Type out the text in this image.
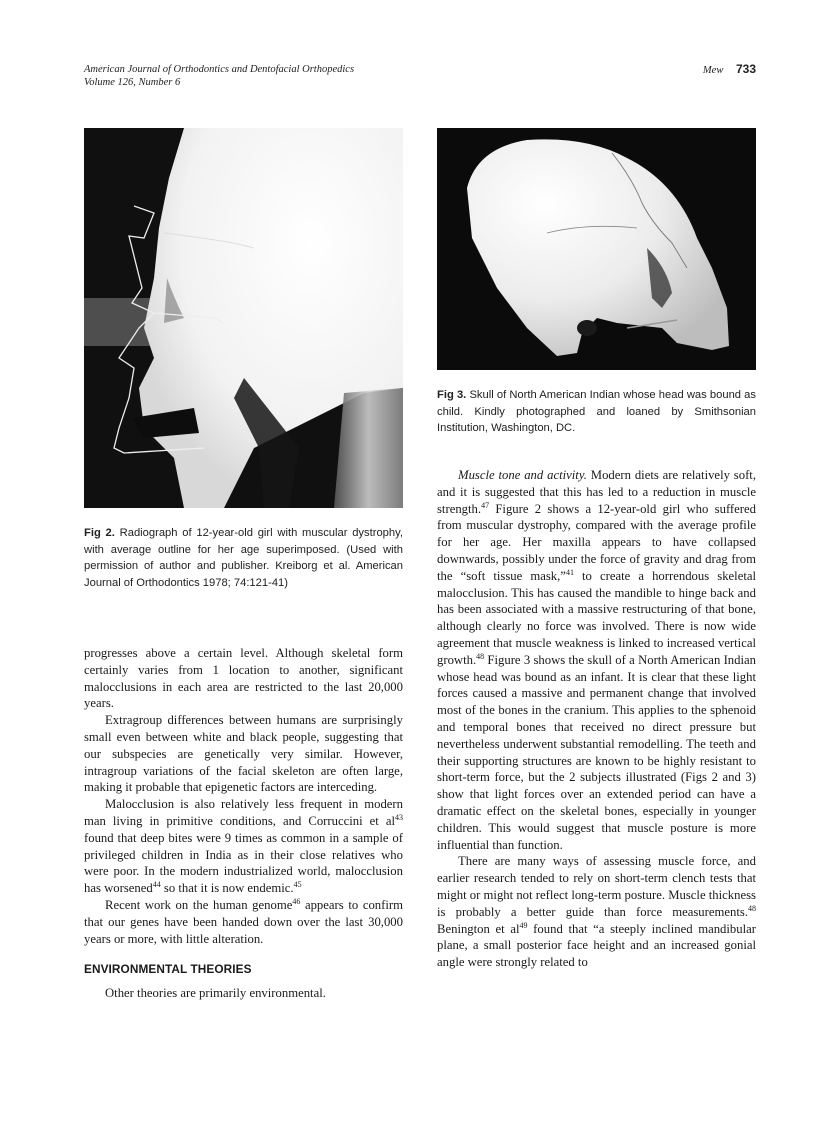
American Journal of Orthodontics and Dentofacial Orthopedics
Volume 126, Number 6
Mew 733
Fig 2. Radiograph of 12-year-old girl with muscular dystrophy, with average outline for her age superimposed. (Used with permission of author and publisher. Kreiborg et al. American Journal of Orthodontics 1978; 74:121-41)
Fig 3. Skull of North American Indian whose head was bound as child. Kindly photographed and loaned by Smithsonian Institution, Washington, DC.

progresses above a certain level. Although skeletal form certainly varies from 1 location to another, significant malocclusions in each area are restricted to the last 20,000 years.

Extragroup differences between humans are surprisingly small even between white and black people, suggesting that our subspecies are genetically very similar. However, intragroup variations of the facial skeleton are often large, making it probable that epigenetic factors are interceding.

Malocclusion is also relatively less frequent in modern man living in primitive conditions, and Corruccini et $al^{43}$ found that deep bites were 9 times as common in a sample of privileged children in India as in their close relatives who were poor. In the modern industrialized world, malocclusion has worsened$^{44}$ so that it is now endemic.$^{45}$

Recent work on the human genome$^{46}$ appears to confirm that our genes have been handed down over the last 30,000 years or more, with little alteration.

ENVIRONMENTAL THEORIES

Other theories are primarily environmental.

Muscle tone and activity. Modern diets are relatively soft, and it is suggested that this has led to a reduction in muscle strength.$^{47}$ Figure 2 shows a 12-year-old girl who suffered from muscular dystrophy, compared with the average profile for her age. Her maxilla appears to have collapsed downwards, possibly under the force of gravity and drag from the “soft tissue mask,”$^{41}$ to create a horrendous skeletal malocclusion. This has caused the mandible to hinge back and has been associated with a massive restructuring of that bone, although clearly no force was involved. There is now wide agreement that muscle weakness is linked to increased vertical growth.$^{48}$ Figure 3 shows the skull of a North American Indian whose head was bound as an infant. It is clear that these light forces caused a massive and permanent change that involved most of the bones in the cranium. This applies to the sphenoid and temporal bones that received no direct pressure but nevertheless underwent substantial remodelling. The teeth and their supporting structures are known to be highly resistant to short-term force, but the 2 subjects illustrated (Figs 2 and 3) show that light forces over an extended period can have a dramatic effect on the skeletal bones, especially in younger children. This would suggest that muscle posture is more influential than function.

There are many ways of assessing muscle force, and earlier research tended to rely on short-term clench tests that might or might not reflect long-term posture. Muscle thickness is probably a better guide than force measurements.$^{48}$ Benington et $al^{49}$ found that “a steeply inclined mandibular plane, a small posterior face height and an increased gonial angle were strongly related to
